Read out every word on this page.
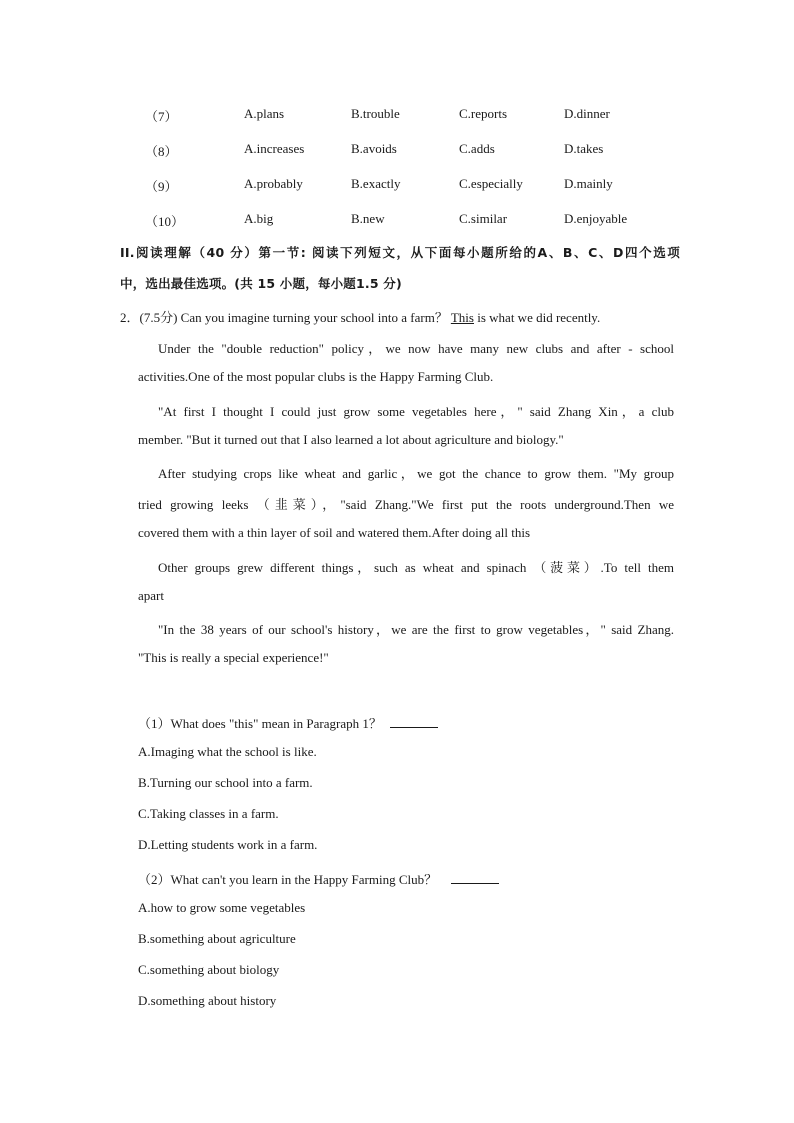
（7）	A.plans	B.trouble	C.reports	D.dinner
（8）	A.increases	B.avoids	C.adds	D.takes
（9）	A.probably	B.exactly	C.especially	D.mainly
（10）	A.big	B.new	C.similar	D.enjoyable
II.阅读理解（40 分）第一节: 阅读下列短文，从下面每小题所给的A、B、C、D四个选项
中，选出最佳选项。(共 15 小题，每小题1.5 分)
2．(7.5分) Can you imagine turning your school into a farm？ This is what we did recently.
Under the "double reduction" policy，we now have many new clubs and after - school
activities.One of the most popular clubs is the Happy Farming Club.
"At first I thought I could just grow some vegetables here，" said Zhang Xin，a club
member. "But it turned out that I also learned a lot about agriculture and biology."
After studying crops like wheat and garlic，we got the chance to grow them. "My group
tried growing leeks （韭菜），"said Zhang."We first put the roots underground.Then we
covered them with a thin layer of soil and watered them.After doing all this
Other groups grew different things，such as wheat and spinach （菠菜）.To tell them
apart
"In the 38 years of our school's history，we are the first to grow vegetables，" said Zhang.
"This is really a special experience!"
（1）What does "this" mean in Paragraph 1？
A.Imaging what the school is like.
B.Turning our school into a farm.
C.Taking classes in a farm.
D.Letting students work in a farm.
（2）What can't you learn in the Happy Farming Club？
A.how to grow some vegetables
B.something about agriculture
C.something about biology
D.something about history
